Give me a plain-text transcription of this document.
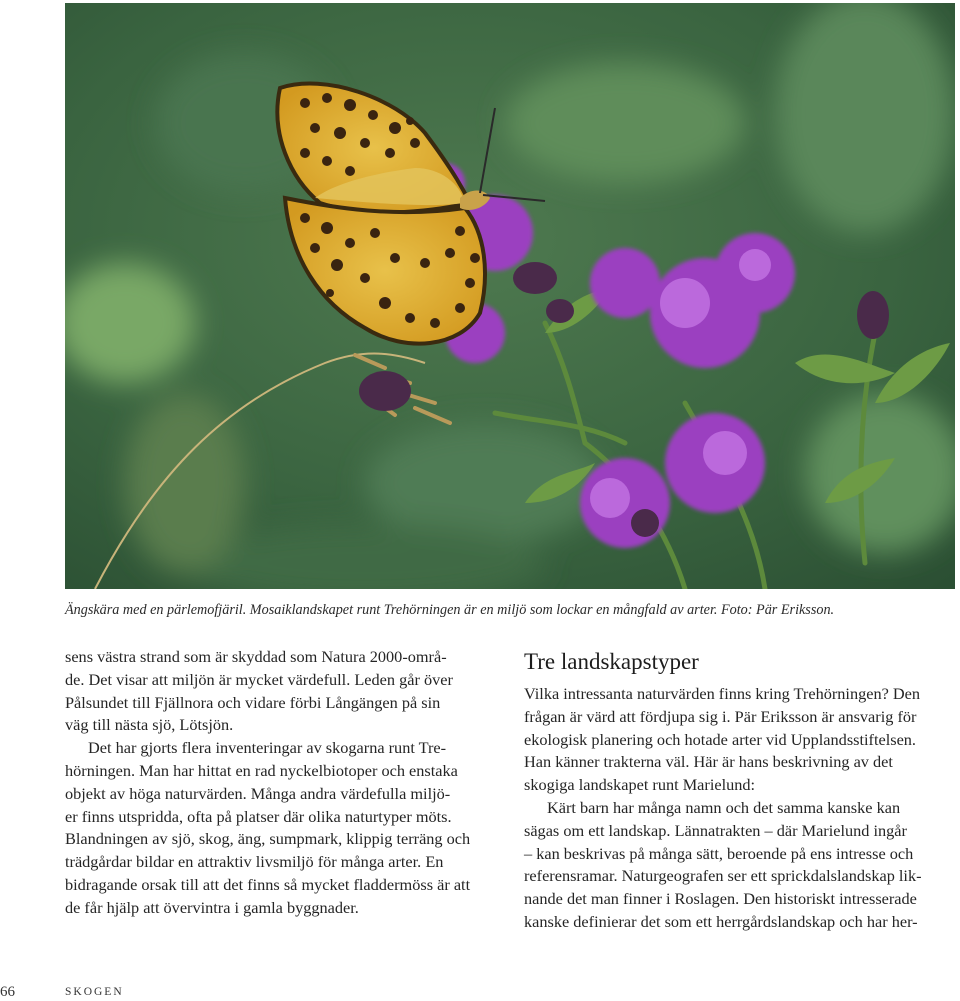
Ängskära med en pärlemofjäril. Mosaiklandskapet runt Trehörningen är en miljö som lockar en mångfald av arter. Foto: Pär Eriksson.

sens västra strand som är skyddad som Natura 2000-områ-

de. Det visar att miljön är mycket värdefull. Leden går över

Pålsundet till Fjällnora och vidare förbi Långängen på sin

väg till nästa sjö, Lötsjön.

Det har gjorts flera inventeringar av skogarna runt Tre-

hörningen. Man har hittat en rad nyckelbiotoper och enstaka

objekt av höga naturvärden. Många andra värdefulla miljö-

er finns utspridda, ofta på platser där olika naturtyper möts.

Blandningen av sjö, skog, äng, sumpmark, klippig terräng och

trädgårdar bildar en attraktiv livsmiljö för många arter. En

bidragande orsak till att det finns så mycket fladdermöss är att

de får hjälp att övervintra i gamla byggnader.

Tre landskapstyper

Vilka intressanta naturvärden finns kring Trehörningen? Den

frågan är värd att fördjupa sig i. Pär Eriksson är ansvarig för

ekologisk planering och hotade arter vid Upplandsstiftelsen.

Han känner trakterna väl. Här är hans beskrivning av det

skogiga landskapet runt Marielund:

Kärt barn har många namn och det samma kanske kan

sägas om ett landskap. Lännatrakten – där Marielund ingår

– kan beskrivas på många sätt, beroende på ens intresse och

referensramar. Naturgeografen ser ett sprickdalslandskap lik-

nande det man finner i Roslagen. Den historiskt intresserade

kanske definierar det som ett herrgårdslandskap och har her-

66	SKOGEN
